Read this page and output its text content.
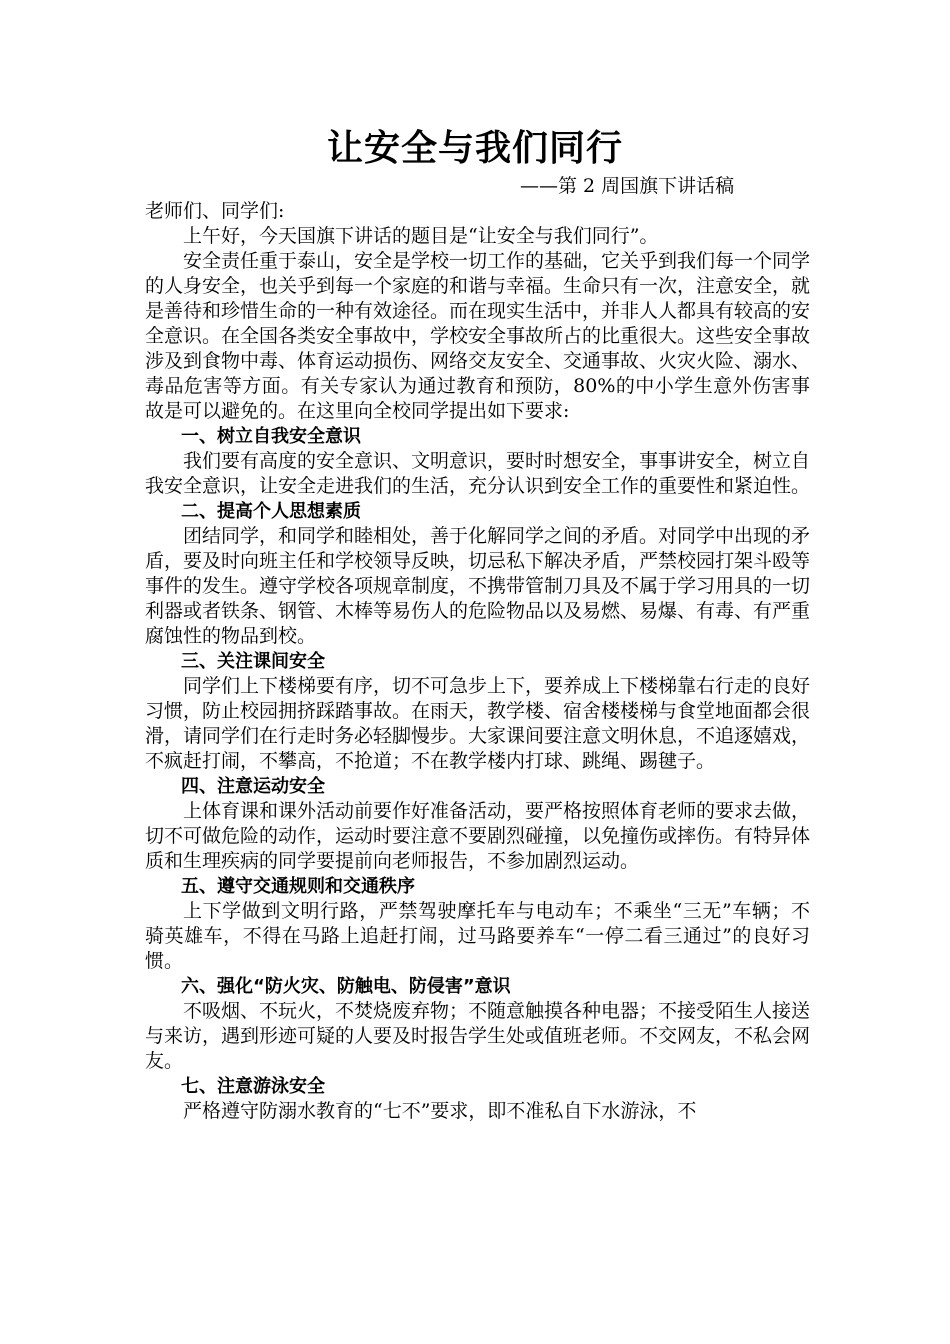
让安全与我们同行
——第 2 周国旗下讲话稿

老师们、同学们:

上午好，今天国旗下讲话的题目是“让安全与我们同行”。

安全责任重于泰山，安全是学校一切工作的基础，它关乎到我们每一个同学的人身安全，也关乎到每一个家庭的和谐与幸福。生命只有一次，注意安全，就是善待和珍惜生命的一种有效途径。而在现实生活中，并非人人都具有较高的安全意识。在全国各类安全事故中，学校安全事故所占的比重很大。这些安全事故涉及到食物中毒、体育运动损伤、网络交友安全、交通事故、火灾火险、溺水、毒品危害等方面。有关专家认为通过教育和预防，80%的中小学生意外伤害事故是可以避免的。在这里向全校同学提出如下要求:

一、树立自我安全意识

我们要有高度的安全意识、文明意识，要时时想安全，事事讲安全，树立自我安全意识，让安全走进我们的生活，充分认识到安全工作的重要性和紧迫性。

二、提高个人思想素质

团结同学，和同学和睦相处，善于化解同学之间的矛盾。对同学中出现的矛盾，要及时向班主任和学校领导反映，切忌私下解决矛盾，严禁校园打架斗殴等事件的发生。遵守学校各项规章制度，不携带管制刀具及不属于学习用具的一切利器或者铁条、钢管、木棒等易伤人的危险物品以及易燃、易爆、有毒、有严重腐蚀性的物品到校。

三、关注课间安全

同学们上下楼梯要有序，切不可急步上下，要养成上下楼梯靠右行走的良好习惯，防止校园拥挤踩踏事故。在雨天，教学楼、宿舍楼楼梯与食堂地面都会很滑，请同学们在行走时务必轻脚慢步。大家课间要注意文明休息，不追逐嬉戏，不疯赶打闹，不攀高，不抢道；不在教学楼内打球、跳绳、踢毽子。

四、注意运动安全

上体育课和课外活动前要作好准备活动，要严格按照体育老师的要求去做，切不可做危险的动作，运动时要注意不要剧烈碰撞，以免撞伤或摔伤。有特异体质和生理疾病的同学要提前向老师报告，不参加剧烈运动。

五、遵守交通规则和交通秩序

上下学做到文明行路，严禁驾驶摩托车与电动车；不乘坐“三无”车辆；不骑英雄车，不得在马路上追赶打闹，过马路要养车“一停二看三通过”的良好习惯。

六、强化“防火灾、防触电、防侵害”意识

不吸烟、不玩火，不焚烧废弃物；不随意触摸各种电器；不接受陌生人接送与来访，遇到形迹可疑的人要及时报告学生处或值班老师。不交网友，不私会网友。

七、注意游泳安全

严格遵守防溺水教育的“七不”要求，即不准私自下水游泳，不
